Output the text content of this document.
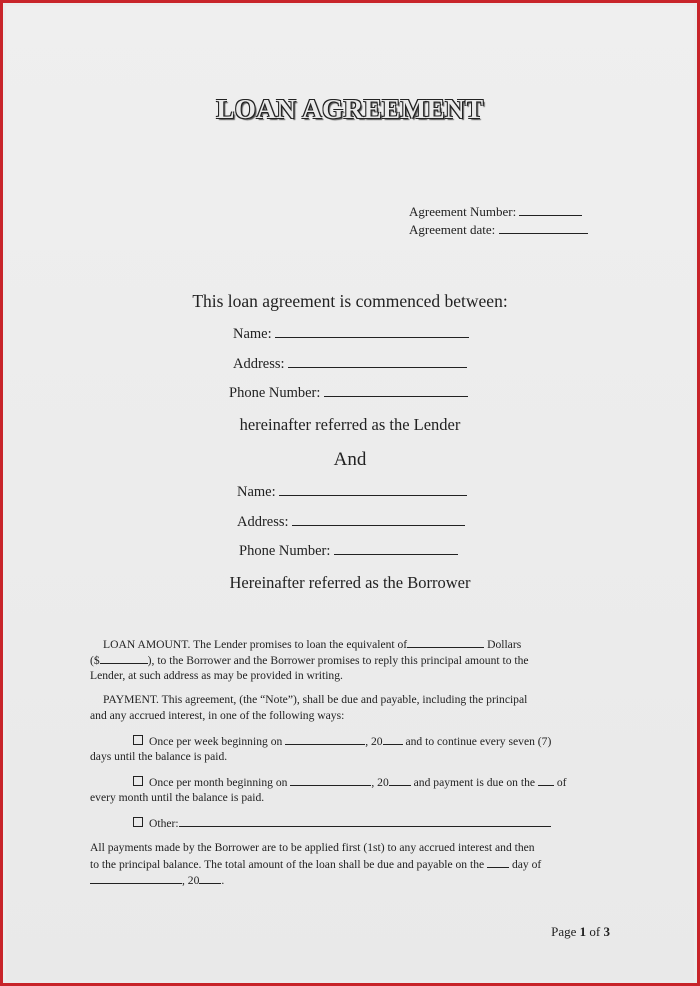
LOAN AGREEMENT
Agreement Number:
Agreement date:
This loan agreement is commenced between:
Name:
Address:
Phone Number:
hereinafter referred as the Lender
And
Name:
Address:
Phone Number:
Hereinafter referred as the Borrower
LOAN AMOUNT. The Lender promises to loan the equivalent of	Dollars
($	), to the Borrower and the Borrower promises to reply this principal amount to the
Lender, at such address as may be provided in writing.
PAYMENT. This agreement, (the “Note”), shall be due and payable, including the principal
and any accrued interest, in one of the following ways:
Once per week beginning on	, 20 and to continue every seven (7)
days until the balance is paid.
Once per month beginning on	, 20 and payment is due on the  of
every month until the balance is paid.
Other:
All payments made by the Borrower are to be applied first (1st) to any accrued interest and then
to the principal balance. The total amount of the loan shall be due and payable on the  day of
, 20 .
Page 1 of 3
